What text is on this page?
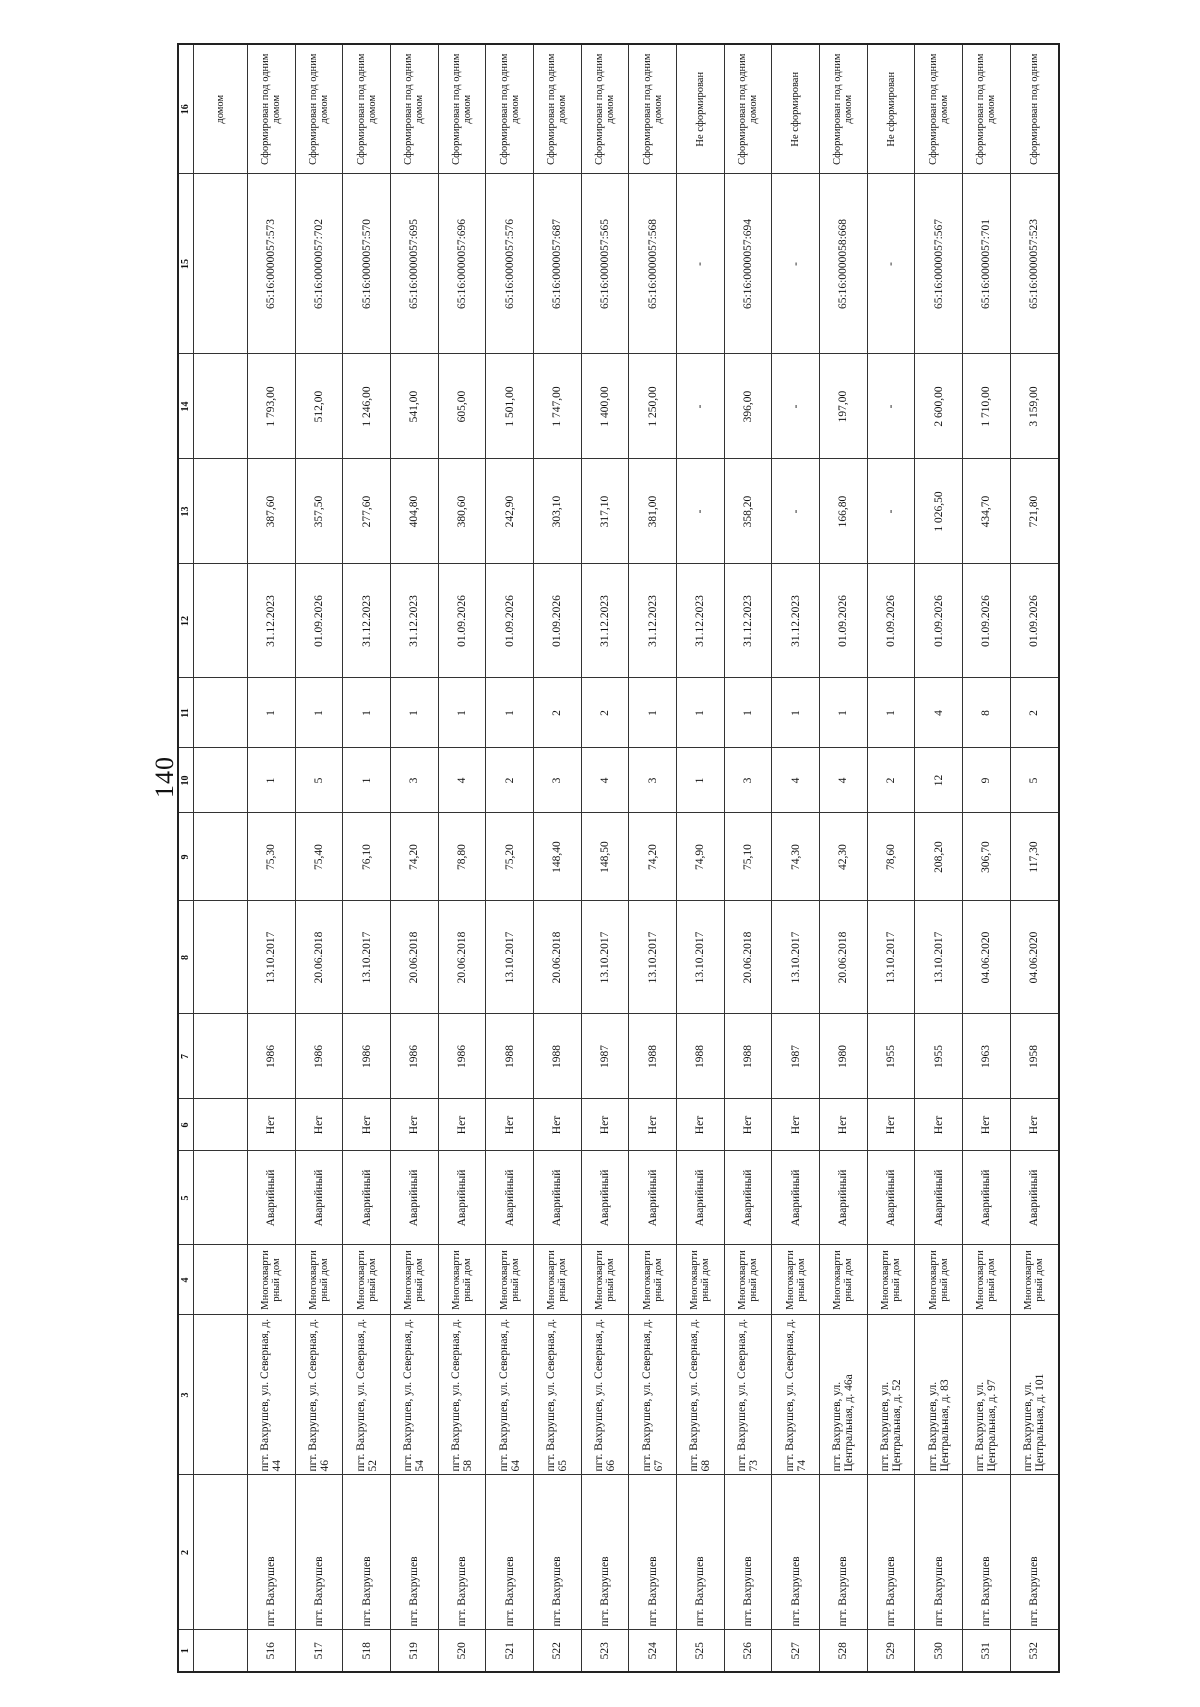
140
1	2	3	4	5	6	7	8	9	10	11	12	13	14	15	16
															домом
516	пгт. Вахрушев	пгт. Вахрушев, ул. Северная, д. 44	Многоквартирный дом	Аварийный	Нет	1986	13.10.2017	75,30	1	1	31.12.2023	387,60	1 793,00	65:16:0000057:573	Сформирован под одним домом
517	пгт. Вахрушев	пгт. Вахрушев, ул. Северная, д. 46	Многоквартирный дом	Аварийный	Нет	1986	20.06.2018	75,40	5	1	01.09.2026	357,50	512,00	65:16:0000057:702	Сформирован под одним домом
518	пгт. Вахрушев	пгт. Вахрушев, ул. Северная, д. 52	Многоквартирный дом	Аварийный	Нет	1986	13.10.2017	76,10	1	1	31.12.2023	277,60	1 246,00	65:16:0000057:570	Сформирован под одним домом
519	пгт. Вахрушев	пгт. Вахрушев, ул. Северная, д. 54	Многоквартирный дом	Аварийный	Нет	1986	20.06.2018	74,20	3	1	31.12.2023	404,80	541,00	65:16:0000057:695	Сформирован под одним домом
520	пгт. Вахрушев	пгт. Вахрушев, ул. Северная, д. 58	Многоквартирный дом	Аварийный	Нет	1986	20.06.2018	78,80	4	1	01.09.2026	380,60	605,00	65:16:0000057:696	Сформирован под одним домом
521	пгт. Вахрушев	пгт. Вахрушев, ул. Северная, д. 64	Многоквартирный дом	Аварийный	Нет	1988	13.10.2017	75,20	2	1	01.09.2026	242,90	1 501,00	65:16:0000057:576	Сформирован под одним домом
522	пгт. Вахрушев	пгт. Вахрушев, ул. Северная, д. 65	Многоквартирный дом	Аварийный	Нет	1988	20.06.2018	148,40	3	2	01.09.2026	303,10	1 747,00	65:16:0000057:687	Сформирован под одним домом
523	пгт. Вахрушев	пгт. Вахрушев, ул. Северная, д. 66	Многоквартирный дом	Аварийный	Нет	1987	13.10.2017	148,50	4	2	31.12.2023	317,10	1 400,00	65:16:0000057:565	Сформирован под одним домом
524	пгт. Вахрушев	пгт. Вахрушев, ул. Северная, д. 67	Многоквартирный дом	Аварийный	Нет	1988	13.10.2017	74,20	3	1	31.12.2023	381,00	1 250,00	65:16:0000057:568	Сформирован под одним домом
525	пгт. Вахрушев	пгт. Вахрушев, ул. Северная, д. 68	Многоквартирный дом	Аварийный	Нет	1988	13.10.2017	74,90	1	1	31.12.2023	-	-	-	Не сформирован
526	пгт. Вахрушев	пгт. Вахрушев, ул. Северная, д. 73	Многоквартирный дом	Аварийный	Нет	1988	20.06.2018	75,10	3	1	31.12.2023	358,20	396,00	65:16:0000057:694	Сформирован под одним домом
527	пгт. Вахрушев	пгт. Вахрушев, ул. Северная, д. 74	Многоквартирный дом	Аварийный	Нет	1987	13.10.2017	74,30	4	1	31.12.2023	-	-	-	Не сформирован
528	пгт. Вахрушев	пгт. Вахрушев, ул. Центральная, д. 46а	Многоквартирный дом	Аварийный	Нет	1980	20.06.2018	42,30	4	1	01.09.2026	166,80	197,00	65:16:0000058:668	Сформирован под одним домом
529	пгт. Вахрушев	пгт. Вахрушев, ул. Центральная, д. 52	Многоквартирный дом	Аварийный	Нет	1955	13.10.2017	78,60	2	1	01.09.2026	-	-	-	Не сформирован
530	пгт. Вахрушев	пгт. Вахрушев, ул. Центральная, д. 83	Многоквартирный дом	Аварийный	Нет	1955	13.10.2017	208,20	12	4	01.09.2026	1 026,50	2 600,00	65:16:0000057:567	Сформирован под одним домом
531	пгт. Вахрушев	пгт. Вахрушев, ул. Центральная, д. 97	Многоквартирный дом	Аварийный	Нет	1963	04.06.2020	306,70	9	8	01.09.2026	434,70	1 710,00	65:16:0000057:701	Сформирован под одним домом
532	пгт. Вахрушев	пгт. Вахрушев, ул. Центральная, д. 101	Многоквартирный дом	Аварийный	Нет	1958	04.06.2020	117,30	5	2	01.09.2026	721,80	3 159,00	65:16:0000057:523	Сформирован под одним
